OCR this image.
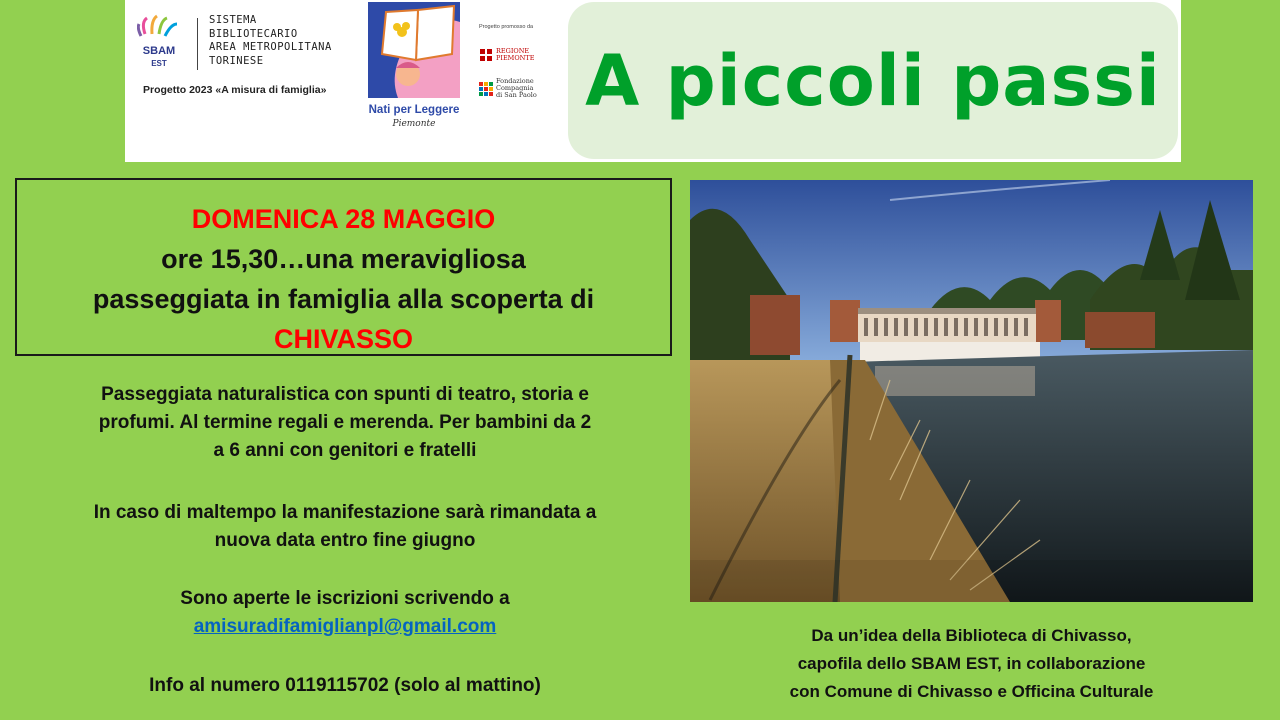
SBAM
EST
SISTEMA
BIBLIOTECARIO
AREA METROPOLITANA
TORINESE
Progetto 2023 «A misura di famiglia»
Nati per Leggere
Piemonte
Progetto promosso da
REGIONE
PIEMONTE
Fondazione
Compagnia
di San Paolo A piccoli passi
DOMENICA 28 MAGGIO
ore 15,30…una meravigliosa
passeggiata in famiglia alla scoperta di
CHIVASSO
Passeggiata naturalistica con spunti di teatro, storia e
profumi. Al termine regali e merenda. Per bambini da 2
a 6 anni con genitori e fratelli
In caso di maltempo la manifestazione sarà rimandata a
nuova data entro fine giugno
Sono aperte le iscrizioni scrivendo a
amisuradifamiglianpl@gmail.com
Info al numero 0119115702 (solo al mattino)
Da un’idea della Biblioteca di Chivasso,
capofila dello SBAM EST, in collaborazione
con Comune di Chivasso e Officina Culturale
